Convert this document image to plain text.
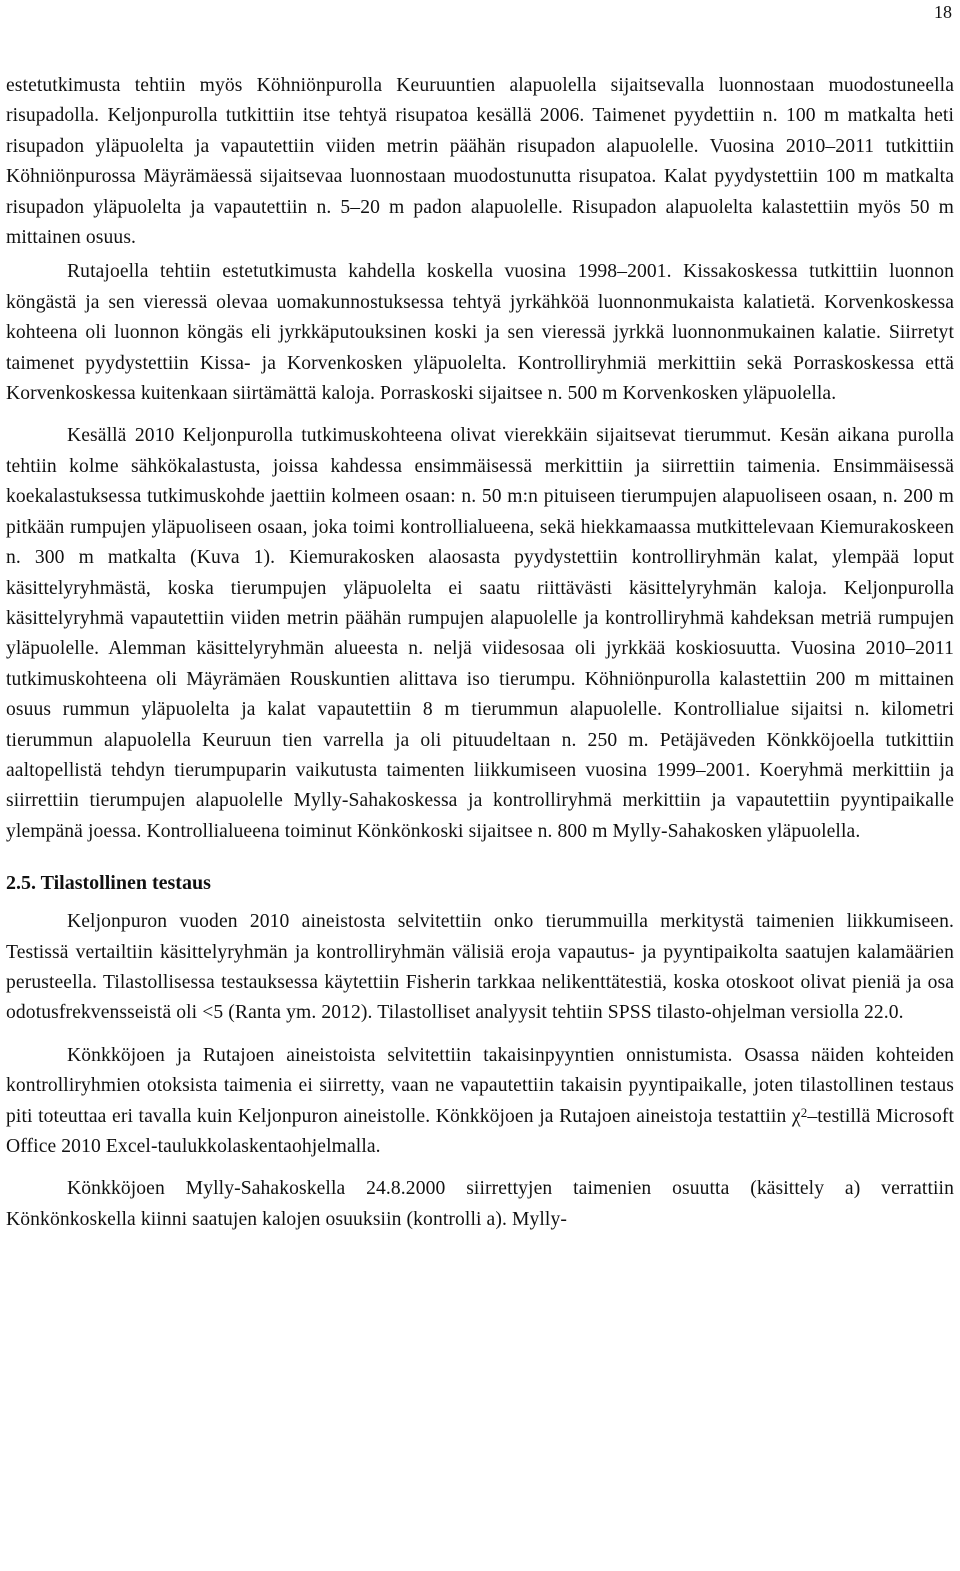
18

estetutkimusta tehtiin myös Köhniönpurolla Keuruuntien alapuolella sijaitsevalla luonnostaan muodostuneella risupadolla. Keljonpurolla tutkittiin itse tehtyä risupatoa kesällä 2006. Taimenet pyydettiin n. 100 m matkalta heti risupadon yläpuolelta ja vapautettiin viiden metrin päähän risupadon alapuolelle. Vuosina 2010–2011 tutkittiin Köhniönpurossa Mäyrämäessä sijaitsevaa luonnostaan muodostunutta risupatoa. Kalat pyydystettiin 100 m matkalta risupadon yläpuolelta ja vapautettiin n. 5–20 m padon alapuolelle. Risupadon alapuolelta kalastettiin myös 50 m mittainen osuus.

Rutajoella tehtiin estetutkimusta kahdella koskella vuosina 1998–2001. Kissakoskessa tutkittiin luonnon köngästä ja sen vieressä olevaa uomakunnostuksessa tehtyä jyrkähköä luonnonmukaista kalatietä. Korvenkoskessa kohteena oli luonnon köngäs eli jyrkkäputouksinen koski ja sen vieressä jyrkkä luonnonmukainen kalatie. Siirretyt taimenet pyydystettiin Kissa- ja Korvenkosken yläpuolelta. Kontrolliryhmiä merkittiin sekä Porraskoskessa että Korvenkoskessa kuitenkaan siirtämättä kaloja. Porraskoski sijaitsee n. 500 m Korvenkosken yläpuolella.

Kesällä 2010 Keljonpurolla tutkimuskohteena olivat vierekkäin sijaitsevat tierummut. Kesän aikana purolla tehtiin kolme sähkökalastusta, joissa kahdessa ensimmäisessä merkittiin ja siirrettiin taimenia. Ensimmäisessä koekalastuksessa tutkimuskohde jaettiin kolmeen osaan: n. 50 m:n pituiseen tierumpujen alapuoliseen osaan, n. 200 m pitkään rumpujen yläpuoliseen osaan, joka toimi kontrollialueena, sekä hiekkamaassa mutkittelevaan Kiemurakoskeen n. 300 m matkalta (Kuva 1). Kiemurakosken alaosasta pyydystettiin kontrolliryhmän kalat, ylempää loput käsittelyryhmästä, koska tierumpujen yläpuolelta ei saatu riittävästi käsittelyryhmän kaloja. Keljonpurolla käsittelyryhmä vapautettiin viiden metrin päähän rumpujen alapuolelle ja kontrolliryhmä kahdeksan metriä rumpujen yläpuolelle. Alemman käsittelyryhmän alueesta n. neljä viidesosaa oli jyrkkää koskiosuutta. Vuosina 2010–2011 tutkimuskohteena oli Mäyrämäen Rouskuntien alittava iso tierumpu. Köhniönpurolla kalastettiin 200 m mittainen osuus rummun yläpuolelta ja kalat vapautettiin 8 m tierummun alapuolelle. Kontrollialue sijaitsi n. kilometri tierummun alapuolella Keuruun tien varrella ja oli pituudeltaan n. 250 m. Petäjäveden Könkköjoella tutkittiin aaltopellistä tehdyn tierumpuparin vaikutusta taimenten liikkumiseen vuosina 1999–2001. Koeryhmä merkittiin ja siirrettiin tierumpujen alapuolelle Mylly-Sahakoskessa ja kontrolliryhmä merkittiin ja vapautettiin pyyntipaikalle ylempänä joessa. Kontrollialueena toiminut Könkönkoski sijaitsee n. 800 m Mylly-Sahakosken yläpuolella.

2.5. Tilastollinen testaus

Keljonpuron vuoden 2010 aineistosta selvitettiin onko tierummuilla merkitystä taimenien liikkumiseen. Testissä vertailtiin käsittelyryhmän ja kontrolliryhmän välisiä eroja vapautus- ja pyyntipaikolta saatujen kalamäärien perusteella. Tilastollisessa testauksessa käytettiin Fisherin tarkkaa nelikenttätestiä, koska otoskoot olivat pieniä ja osa odotusfrekvensseistä oli <5 (Ranta ym. 2012). Tilastolliset analyysit tehtiin SPSS tilasto-ohjelman versiolla 22.0.

Könkköjoen ja Rutajoen aineistoista selvitettiin takaisinpyyntien onnistumista. Osassa näiden kohteiden kontrolliryhmien otoksista taimenia ei siirretty, vaan ne vapautettiin takaisin pyyntipaikalle, joten tilastollinen testaus piti toteuttaa eri tavalla kuin Keljonpuron aineistolle. Könkköjoen ja Rutajoen aineistoja testattiin $\chi^2$–testillä Microsoft Office 2010 Excel-taulukkolaskentaohjelmalla.

Könkköjoen Mylly-Sahakoskella 24.8.2000 siirrettyjen taimenien osuutta (käsittely a) verrattiin Könkönkoskella kiinni saatujen kalojen osuuksiin (kontrolli a). Mylly-
